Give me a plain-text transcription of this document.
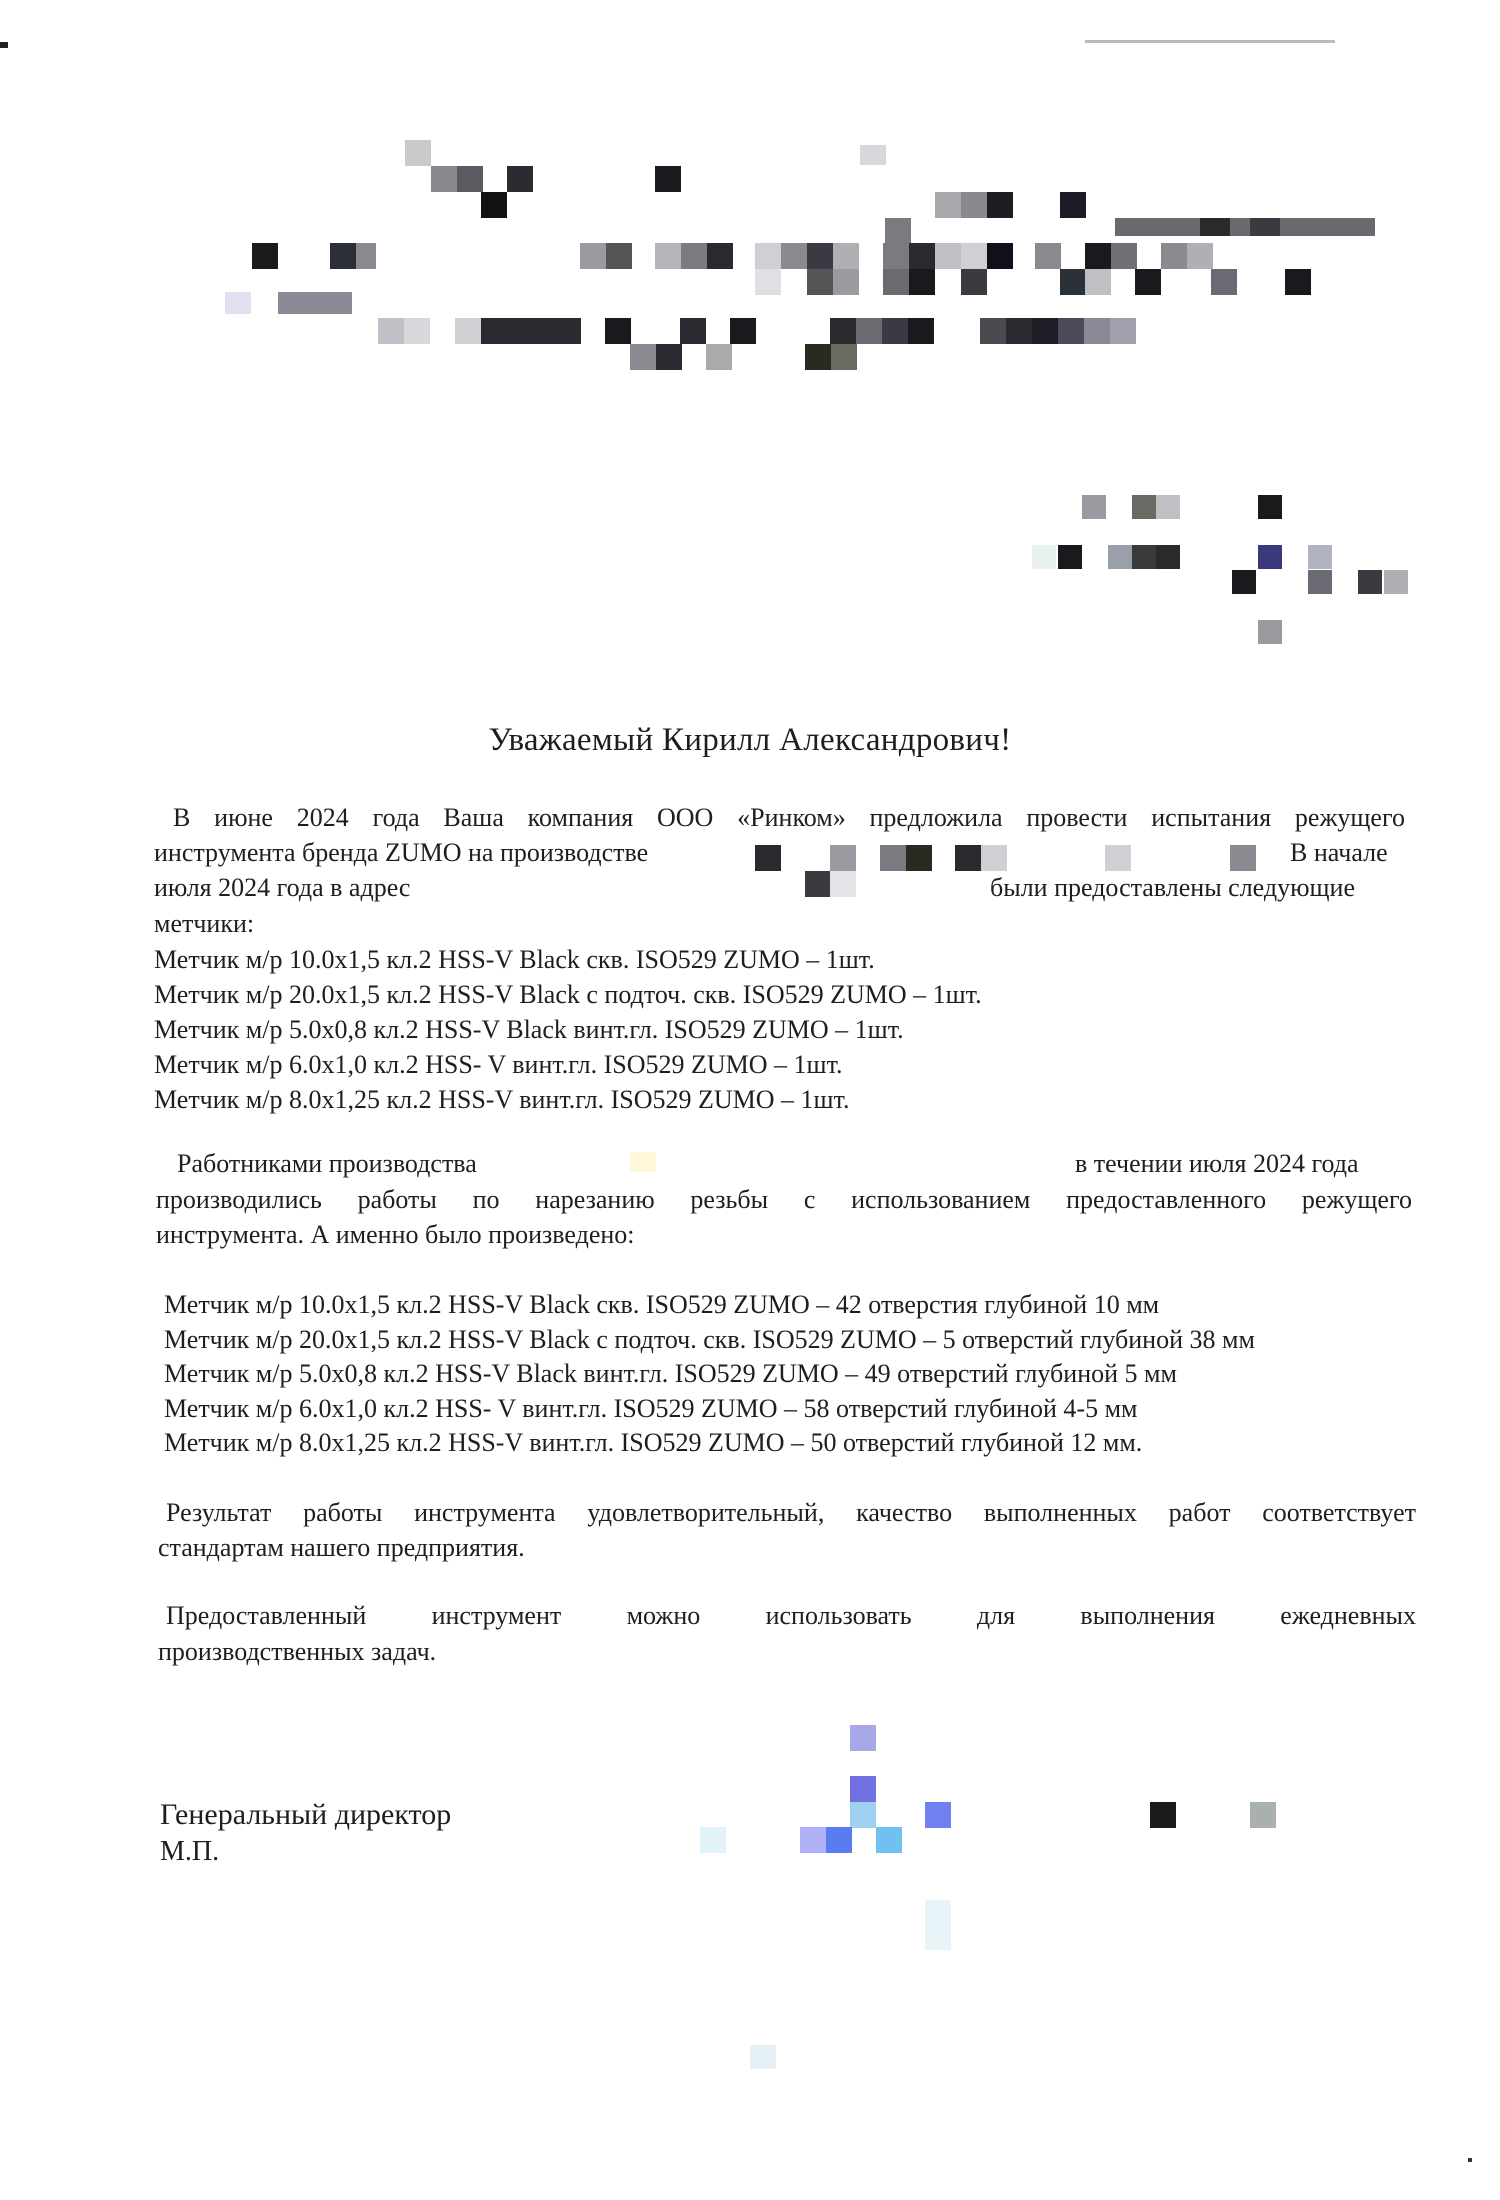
Уважаемый Кирилл Александрович!
В июне 2024 года Ваша компания ООО «Ринком» предложила провести испытания режущего
инструмента бренда ZUMO на производстве	В начале
июля 2024 года в адрес	были предоставлены следующие
метчики:
Метчик м/р 10.0x1,5 кл.2 HSS-V Black скв. ISO529 ZUMO – 1шт.
Метчик м/р 20.0x1,5 кл.2 HSS-V Black с подточ. скв. ISO529 ZUMO – 1шт.
Метчик м/р 5.0x0,8 кл.2 HSS-V Black винт.гл. ISO529 ZUMO – 1шт.
Метчик м/р 6.0x1,0 кл.2 HSS- V винт.гл. ISO529 ZUMO – 1шт.
Метчик м/р 8.0x1,25 кл.2 HSS-V винт.гл. ISO529 ZUMO – 1шт.
Работниками производства	в течении июля 2024 года
производились работы по нарезанию резьбы с использованием предоставленного режущего
инструмента. А именно было произведено:
Метчик м/р 10.0x1,5 кл.2 HSS-V Black скв. ISO529 ZUMO – 42 отверстия глубиной 10 мм
Метчик м/р 20.0x1,5 кл.2 HSS-V Black с подточ. скв. ISO529 ZUMO – 5 отверстий глубиной 38 мм
Метчик м/р 5.0x0,8 кл.2 HSS-V Black винт.гл. ISO529 ZUMO – 49 отверстий глубиной 5 мм
Метчик м/р 6.0x1,0 кл.2 HSS- V винт.гл. ISO529 ZUMO – 58 отверстий глубиной 4-5 мм
Метчик м/р 8.0x1,25 кл.2 HSS-V винт.гл. ISO529 ZUMO – 50 отверстий глубиной 12 мм.
Результат работы инструмента удовлетворительный, качество выполненных работ соответствует
стандартам нашего предприятия.
Предоставленный инструмент можно использовать для выполнения ежедневных
производственных задач.
Генеральный директор
М.П.
